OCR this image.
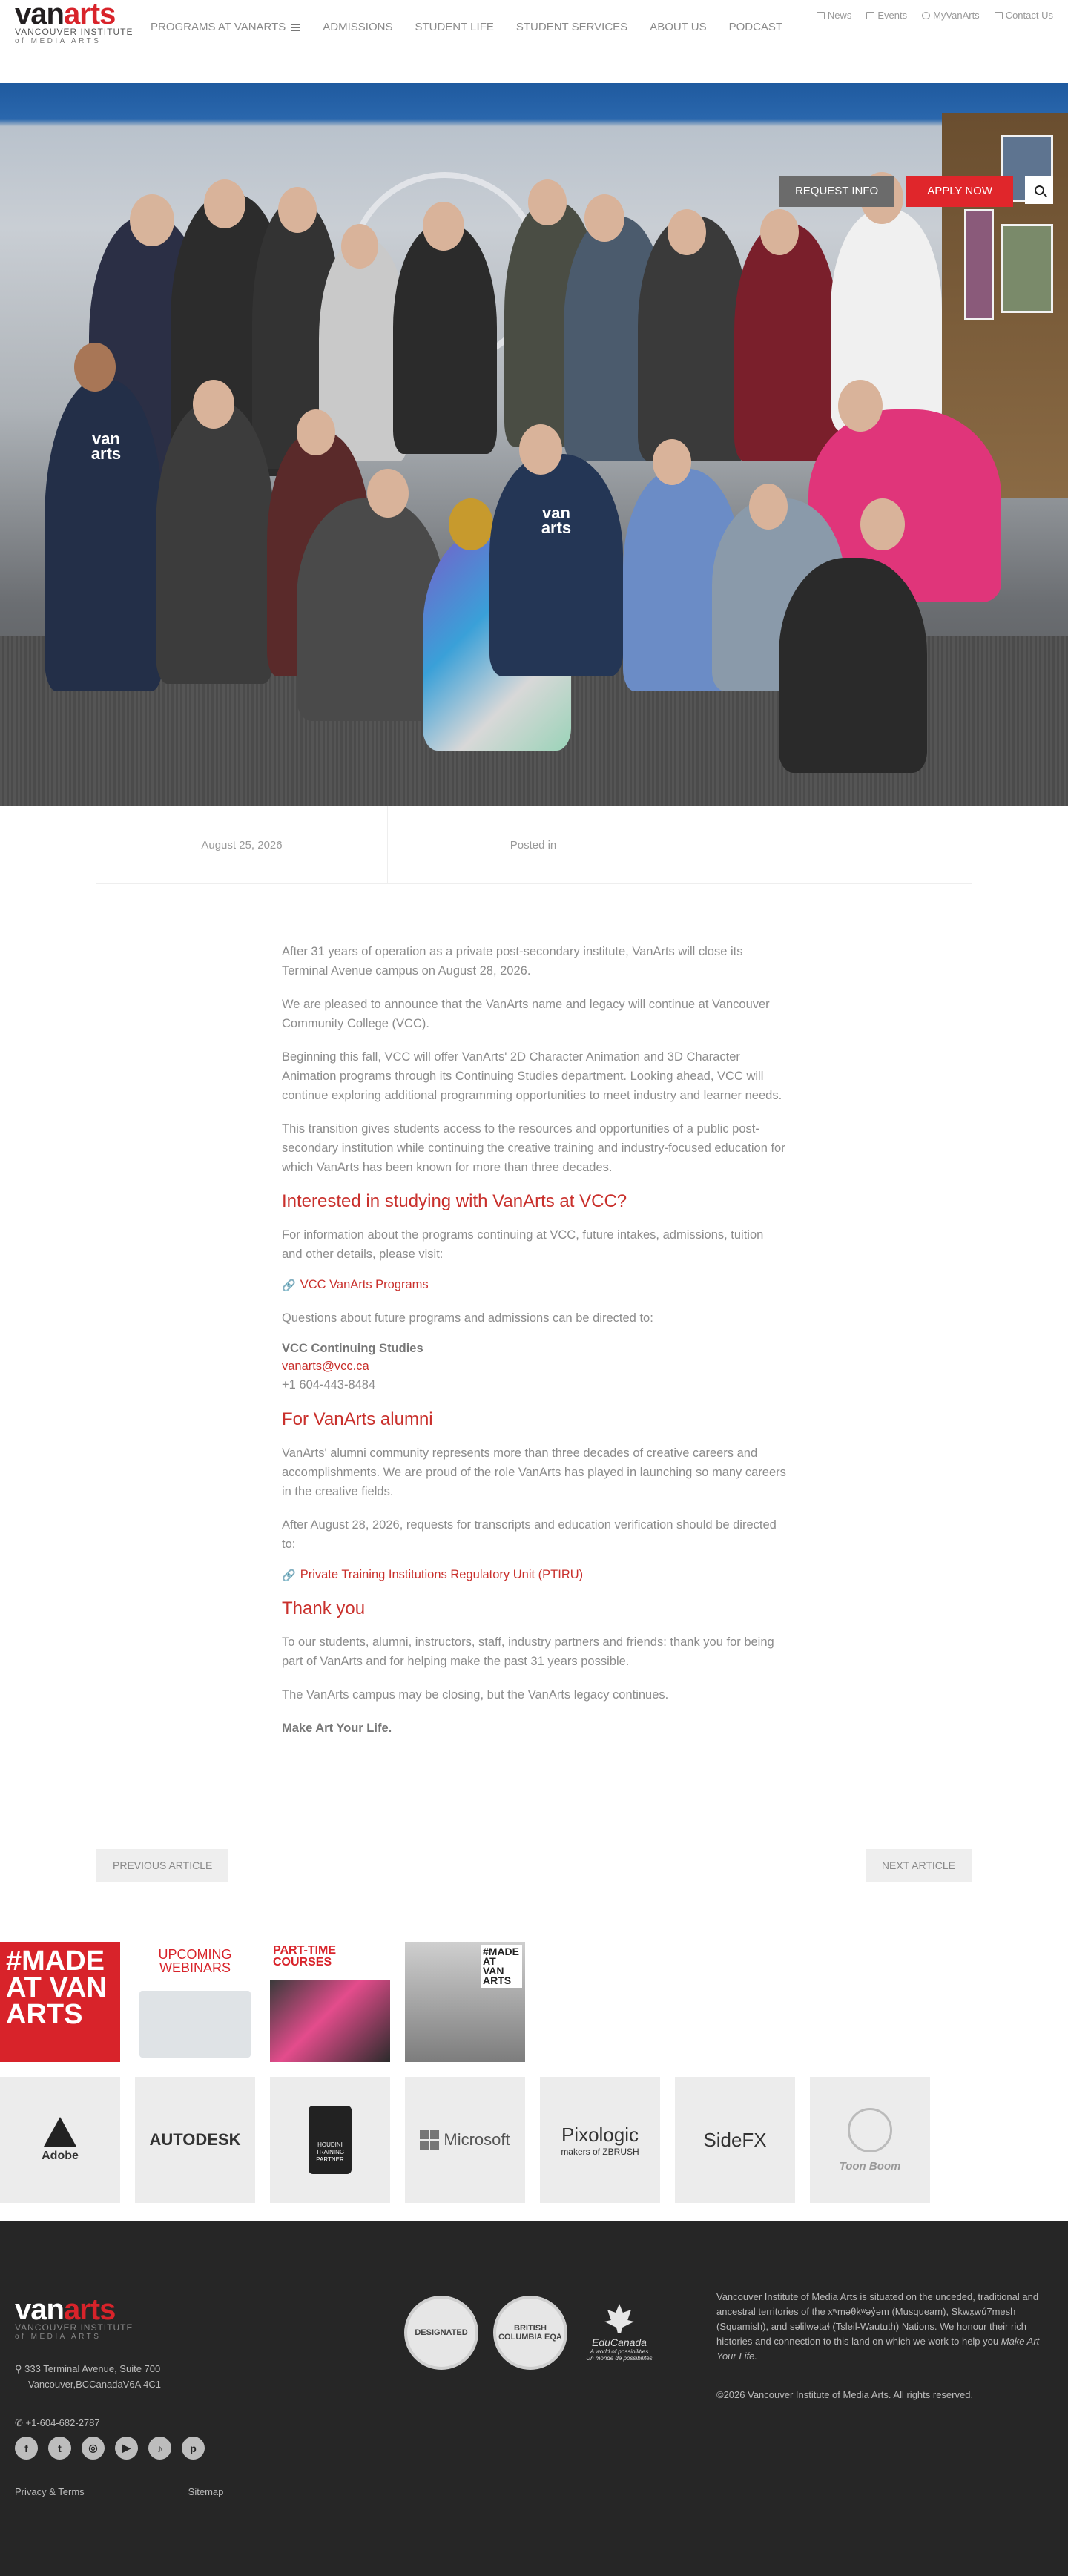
vanarts
VANCOUVER INSTITUTE
of MEDIA ARTS
PROGRAMS AT VANARTS	ADMISSIONS STUDENT LIFE STUDENT SERVICES ABOUT US PODCAST
News	Events	MyVanArts	Contact Us
van arts
van arts
REQUEST INFO	APPLY NOW
August 25, 2026	Posted in

After 31 years of operation as a private post-secondary institute, VanArts will close its Terminal Avenue campus on August 28, 2026.

We are pleased to announce that the VanArts name and legacy will continue at Vancouver Community College (VCC).

Beginning this fall, VCC will offer VanArts' 2D Character Animation and 3D Character Animation programs through its Continuing Studies department. Looking ahead, VCC will continue exploring additional programming opportunities to meet industry and learner needs.

This transition gives students access to the resources and opportunities of a public post-secondary institution while continuing the creative training and industry-focused education for which VanArts has been known for more than three decades.

Interested in studying with VanArts at VCC?

For information about the programs continuing at VCC, future intakes, admissions, tuition and other details, please visit:

🔗 VCC VanArts Programs

Questions about future programs and admissions can be directed to:

VCC Continuing Studies
vanarts@vcc.ca
+1 604-443-8484
For VanArts alumni

VanArts' alumni community represents more than three decades of creative careers and accomplishments. We are proud of the role VanArts has played in launching so many careers in the creative fields.

After August 28, 2026, requests for transcripts and education verification should be directed to:

🔗 Private Training Institutions Regulatory Unit (PTIRU)
Thank you

To our students, alumni, instructors, staff, industry partners and friends: thank you for being part of VanArts and for helping make the past 31 years possible.

The VanArts campus may be closing, but the VanArts legacy continues.

Make Art Your Life.

PREVIOUS ARTICLE	NEXT ARTICLE
#MADE AT VAN ARTS
UPCOMING WEBINARS
PART-TIME COURSES
#MADE AT VAN ARTS
Adobe
AUTODESK	HOUDINI
TRAINING PARTNER
Microsoft	Pixologic
makers of ZBRUSH
SideFX
Toon Boom
vanarts
VANCOUVER INSTITUTE
of MEDIA ARTS
⚲ 333 Terminal Avenue, Suite 700
Vancouver,BCCanadaV6A 4C1
✆ +1-604-682-2787
f	t	◎	▶	♪	p
Privacy & Terms	Sitemap
DESIGNATED	BRITISH COLUMBIA EQA	EduCanada
A world of possibilities
Un monde de possibilités
Vancouver Institute of Media Arts is situated on the unceded, traditional and ancestral territories of the xʷməθkʷəy̓əm (Musqueam), Sḵwx̱wú7mesh (Squamish), and səlilwətaɬ (Tsleil-Waututh) Nations. We honour their rich histories and connection to this land on which we work to help you Make Art Your Life.
©2026 Vancouver Institute of Media Arts. All rights reserved.
